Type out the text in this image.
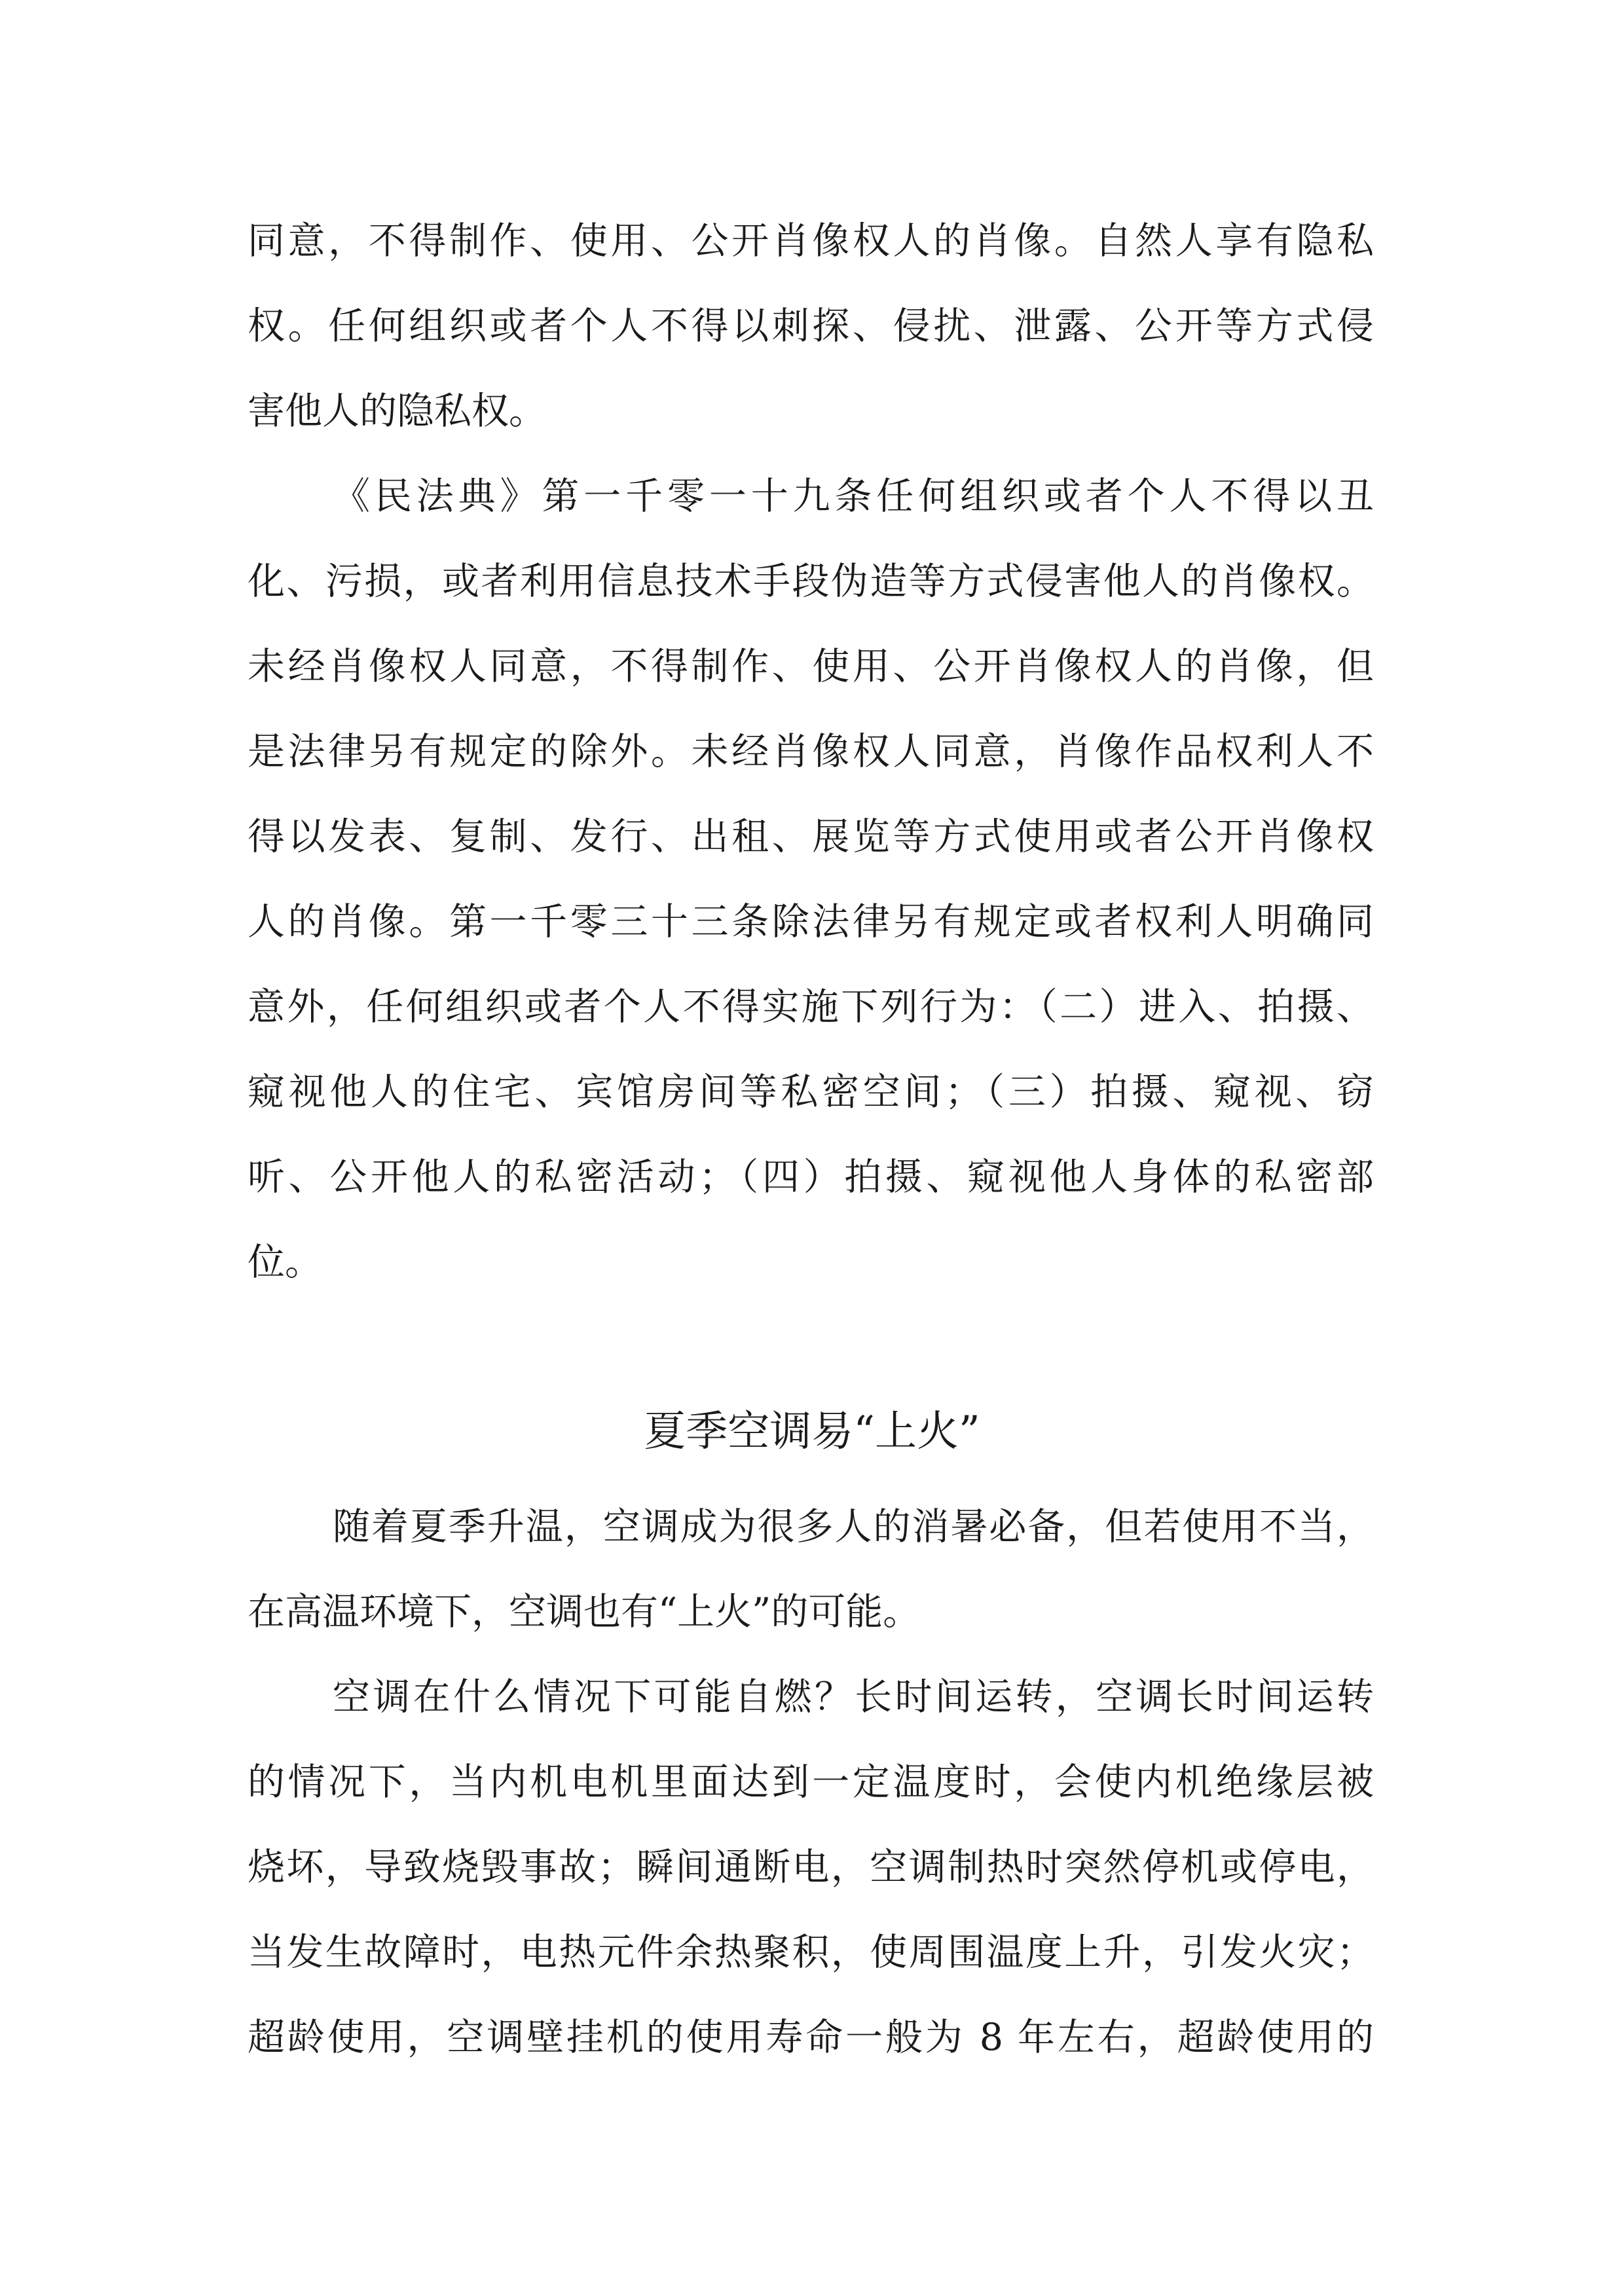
同意，不得制作、使用、公开肖像权人的肖像。自然人享有隐私

权。任何组织或者个人不得以刺探、侵扰、泄露、公开等方式侵

害他人的隐私权。

《民法典》第一千零一十九条任何组织或者个人不得以丑

化、污损，或者利用信息技术手段伪造等方式侵害他人的肖像权。

未经肖像权人同意，不得制作、使用、公开肖像权人的肖像，但

是法律另有规定的除外。未经肖像权人同意，肖像作品权利人不

得以发表、复制、发行、出租、展览等方式使用或者公开肖像权

人的肖像。第一千零三十三条除法律另有规定或者权利人明确同

意外，任何组织或者个人不得实施下列行为：（二）进入、拍摄、

窥视他人的住宅、宾馆房间等私密空间；（三）拍摄、窥视、窃

听、公开他人的私密活动；（四）拍摄、窥视他人身体的私密部

位。

夏季空调易“上火”

随着夏季升温，空调成为很多人的消暑必备，但若使用不当，

在高温环境下，空调也有“上火”的可能。

空调在什么情况下可能自燃？长时间运转，空调长时间运转

的情况下，当内机电机里面达到一定温度时，会使内机绝缘层被

烧坏，导致烧毁事故；瞬间通断电，空调制热时突然停机或停电，

当发生故障时，电热元件余热聚积，使周围温度上升，引发火灾；

超龄使用，空调壁挂机的使用寿命一般为 8 年左右，超龄使用的
